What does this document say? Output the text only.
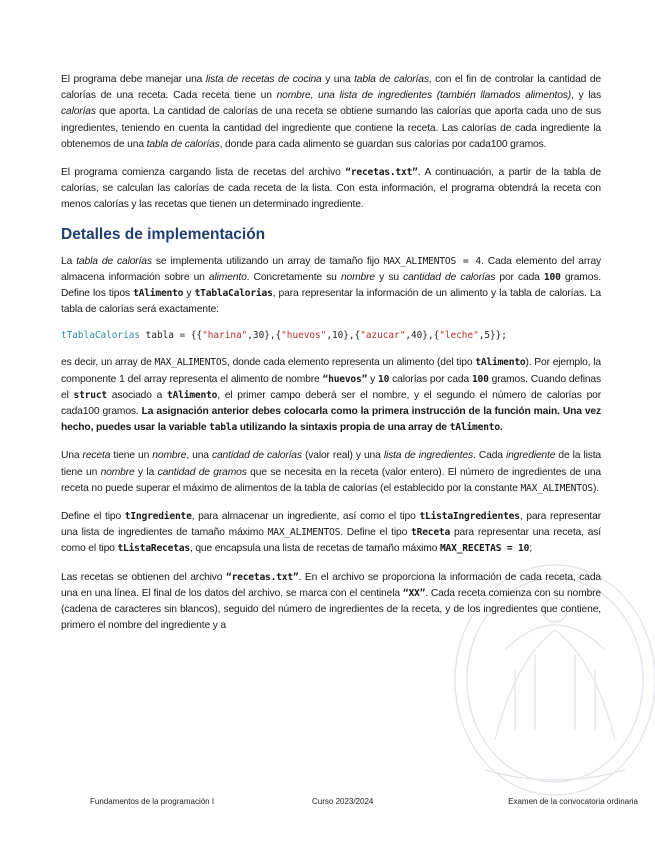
El programa debe manejar una lista de recetas de cocina y una tabla de calorías, con el fin de controlar la cantidad de calorías de una receta. Cada receta tiene un nombre, una lista de ingredientes (también llamados alimentos), y las calorías que aporta. La cantidad de calorías de una receta se obtiene sumando las calorías que aporta cada uno de sus ingredientes, teniendo en cuenta la cantidad del ingrediente que contiene la receta. Las calorías de cada ingrediente la obtenemos de una tabla de calorías, donde para cada alimento se guardan sus calorías por cada100 gramos.

El programa comienza cargando lista de recetas del archivo “recetas.txt”. A continuación, a partir de la tabla de calorías, se calculan las calorías de cada receta de la lista. Con esta información, el programa obtendrá la receta con menos calorías y las recetas que tienen un determinado ingrediente.

Detalles de implementación

La tabla de calorías se implementa utilizando un array de tamaño fijo MAX_ALIMENTOS = 4. Cada elemento del array almacena información sobre un alimento. Concretamente su nombre y su cantidad de calorías por cada 100 gramos. Define los tipos tAlimento y tTablaCalorias, para representar la información de un alimento y la tabla de calorías. La tabla de calorías será exactamente:

tTablaCalorias tabla = {{"harina",30},{"huevos",10},{"azucar",40},{"leche",5}};

es decir, un array de MAX_ALIMENTOS, donde cada elemento representa un alimento (del tipo tAlimento). Por ejemplo, la componente 1 del array representa el alimento de nombre “huevos” y 10 calorías por cada 100 gramos. Cuando definas el struct asociado a tAlimento, el primer campo deberá ser el nombre, y el segundo el número de calorías por cada100 gramos. La asignación anterior debes colocarla como la primera instrucción de la función main. Una vez hecho, puedes usar la variable tabla utilizando la sintaxis propia de una array de tAlimento.

Una receta tiene un nombre, una cantidad de calorías (valor real) y una lista de ingredientes. Cada ingrediente de la lista tiene un nombre y la cantidad de gramos que se necesita en la receta (valor entero). El número de ingredientes de una receta no puede superar el máximo de alimentos de la tabla de calorías (el establecido por la constante MAX_ALIMENTOS).

Define el tipo tIngrediente, para almacenar un ingrediente, así como el tipo tListaIngredientes, para representar una lista de ingredientes de tamaño máximo MAX_ALIMENTOS. Define el tipo tReceta para representar una receta, así como el tipo tListaRecetas, que encapsula una lista de recetas de tamaño máximo MAX_RECETAS = 10;

Las recetas se obtienen del archivo “recetas.txt”. En el archivo se proporciona la información de cada receta, cada una en una línea. El final de los datos del archivo, se marca con el centinela “XX”. Cada receta comienza con su nombre (cadena de caracteres sin blancos), seguido del número de ingredientes de la receta, y de los ingredientes que contiene, primero el nombre del ingrediente y a

Fundamentos de la programación I	Curso 2023/2024	Examen de la convocatoria ordinaria
